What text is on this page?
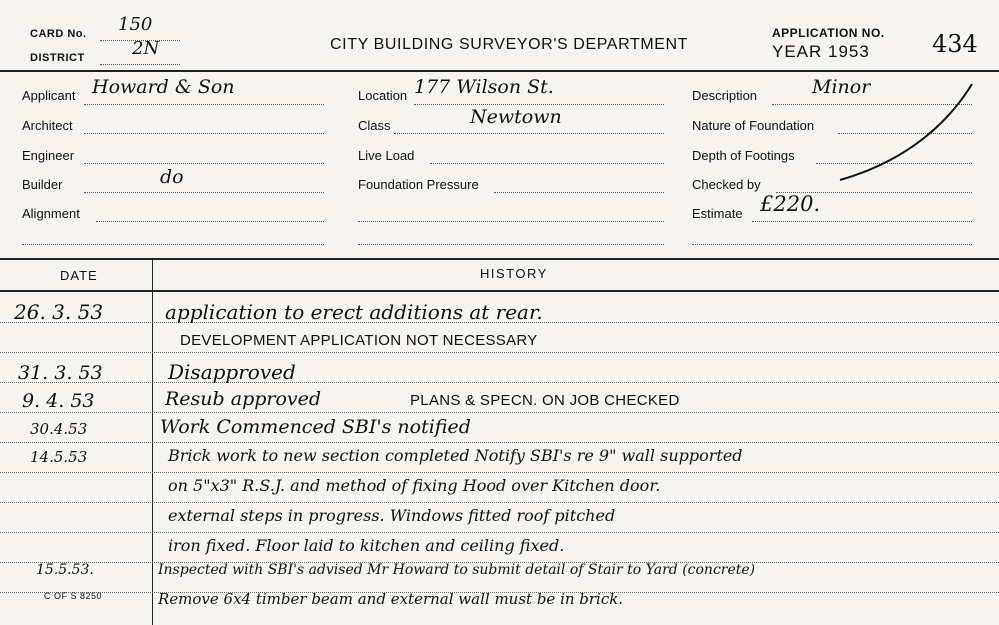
CARD No. 150
DISTRICT	2N	CITY BUILDING SURVEYOR'S DEPARTMENT
APPLICATION NO.
YEAR 1953	434
Applicant Howard & Son
Architect
Engineer
Builder	do
Alignment
Location 177 Wilson St.
Class	Newtown
Live Load
Foundation Pressure
Description	Minor
Nature of Foundation
Depth of Footings
Checked by
Estimate £220.
DATE	HISTORY
26. 3. 53	application to erect additions at rear.
DEVELOPMENT APPLICATION NOT NECESSARY
31. 3. 53	Disapproved
9. 4. 53	Resub approved	PLANS & SPECN. ON JOB CHECKED
30.4.53	Work Commenced SBI's notified
14.5.53	Brick work to new section completed Notify SBI's re 9" wall supported
on 5"x3" R.S.J. and method of fixing Hood over Kitchen door.
external steps in progress. Windows fitted roof pitched
iron fixed. Floor laid to kitchen and ceiling fixed.
15.5.53.	Inspected with SBI's advised Mr Howard to submit detail of Stair to Yard (concrete)
C OF S 8250	Remove 6x4 timber beam and external wall must be in brick.
